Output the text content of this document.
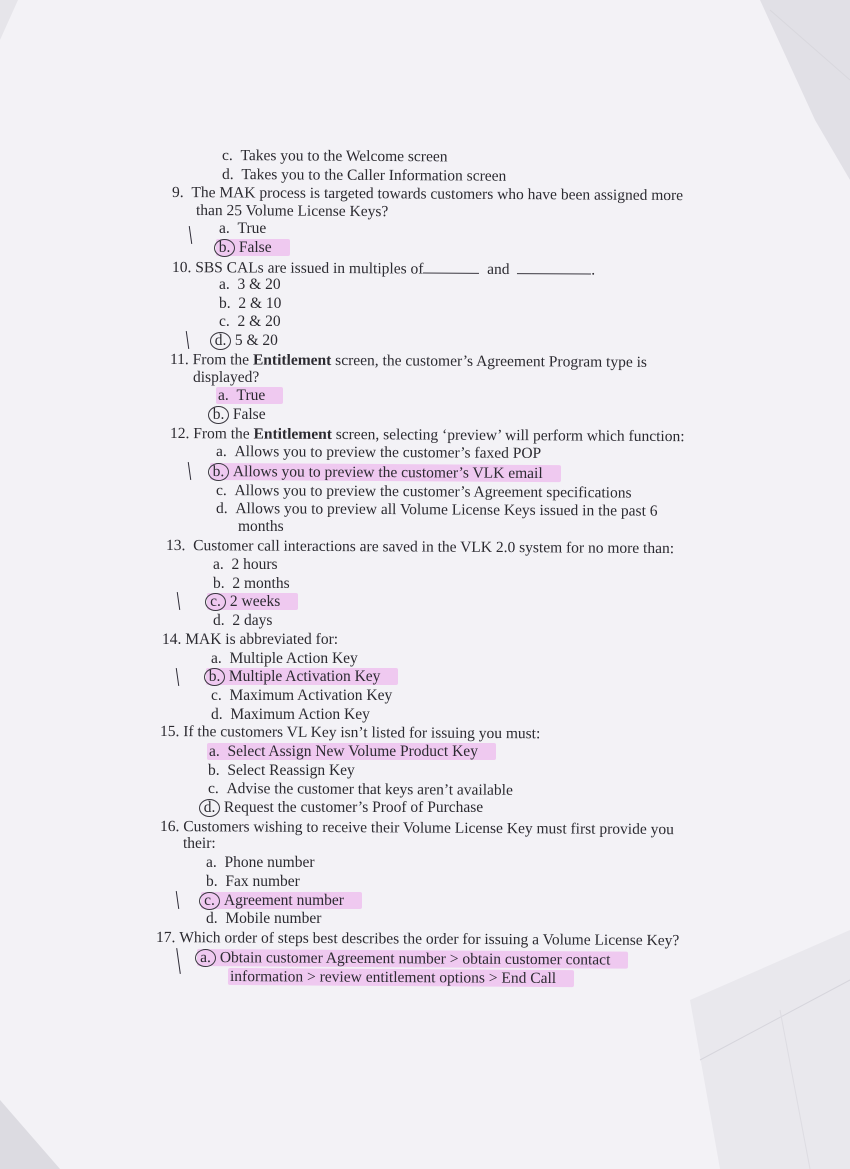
c. Takes you to the Welcome screen

d. Takes you to the Caller Information screen

9. The MAK process is targeted towards customers who have been assigned more

than 25 Volume License Keys?

a. True

b. False

10. SBS CALs are issued in multiples of	and	.

a. 3 & 20

b. 2 & 10

c. 2 & 20

d. 5 & 20

11. From the Entitlement screen, the customer’s Agreement Program type is

displayed?

a. True

b. False

12. From the Entitlement screen, selecting ‘preview’ will perform which function:

a. Allows you to preview the customer’s faxed POP

b. Allows you to preview the customer’s VLK email

c. Allows you to preview the customer’s Agreement specifications

d. Allows you to preview all Volume License Keys issued in the past 6

months

13. Customer call interactions are saved in the VLK 2.0 system for no more than:

a. 2 hours

b. 2 months

c. 2 weeks

d. 2 days

14. MAK is abbreviated for:

a. Multiple Action Key

b. Multiple Activation Key

c. Maximum Activation Key

d. Maximum Action Key

15. If the customers VL Key isn’t listed for issuing you must:

a. Select Assign New Volume Product Key

b. Select Reassign Key

c. Advise the customer that keys aren’t available

d. Request the customer’s Proof of Purchase

16. Customers wishing to receive their Volume License Key must first provide you

their:

a. Phone number

b. Fax number

c. Agreement number

d. Mobile number

17. Which order of steps best describes the order for issuing a Volume License Key?

a. Obtain customer Agreement number > obtain customer contact

information > review entitlement options > End Call
